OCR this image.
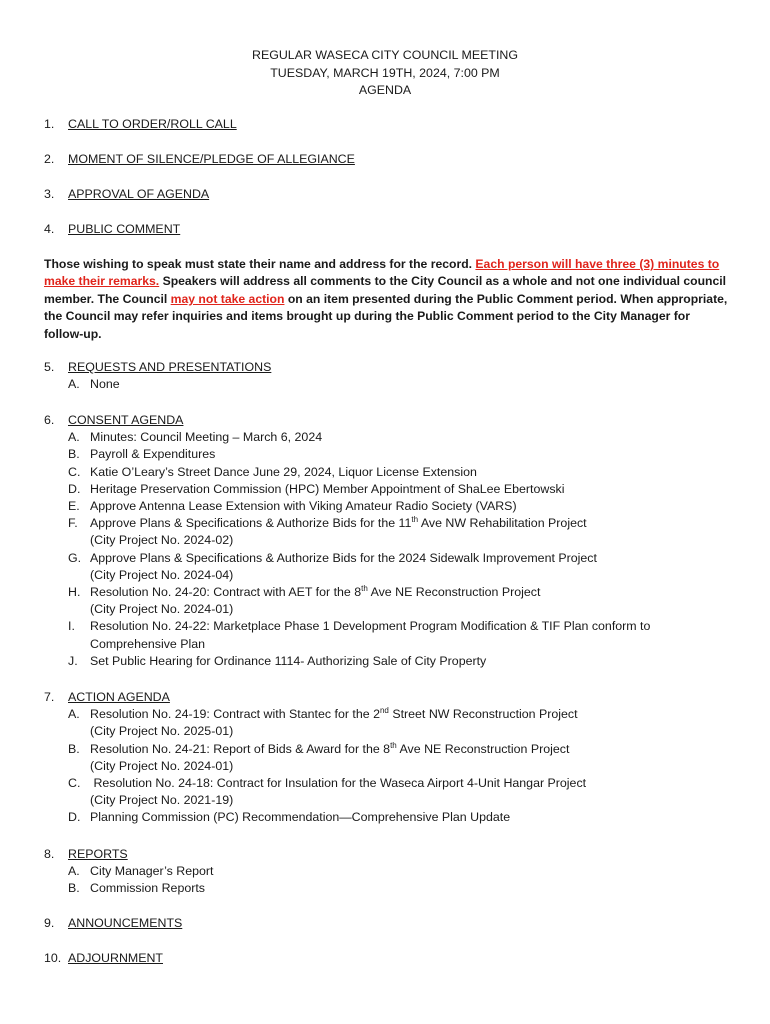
REGULAR WASECA CITY COUNCIL MEETING
TUESDAY, MARCH 19TH, 2024, 7:00 PM
AGENDA
1. CALL TO ORDER/ROLL CALL
2. MOMENT OF SILENCE/PLEDGE OF ALLEGIANCE
3. APPROVAL OF AGENDA
4. PUBLIC COMMENT
Those wishing to speak must state their name and address for the record. Each person will have three (3) minutes to make their remarks. Speakers will address all comments to the City Council as a whole and not one individual council member. The Council may not take action on an item presented during the Public Comment period. When appropriate, the Council may refer inquiries and items brought up during the Public Comment period to the City Manager for follow-up.
5. REQUESTS AND PRESENTATIONS
A. None
6. CONSENT AGENDA
A. Minutes: Council Meeting – March 6, 2024
B. Payroll & Expenditures
C. Katie O’Leary’s Street Dance June 29, 2024, Liquor License Extension
D. Heritage Preservation Commission (HPC) Member Appointment of ShaLee Ebertowski
E. Approve Antenna Lease Extension with Viking Amateur Radio Society (VARS)
F. Approve Plans & Specifications & Authorize Bids for the 11th Ave NW Rehabilitation Project
(City Project No. 2024-02)
G. Approve Plans & Specifications & Authorize Bids for the 2024 Sidewalk Improvement Project
(City Project No. 2024-04)
H. Resolution No. 24-20: Contract with AET for the 8th Ave NE Reconstruction Project
(City Project No. 2024-01)
I. Resolution No. 24-22: Marketplace Phase 1 Development Program Modification & TIF Plan conform to
Comprehensive Plan
J. Set Public Hearing for Ordinance 1114- Authorizing Sale of City Property
7. ACTION AGENDA
A. Resolution No. 24-19: Contract with Stantec for the 2nd Street NW Reconstruction Project
(City Project No. 2025-01)
B. Resolution No. 24-21: Report of Bids & Award for the 8th Ave NE Reconstruction Project
(City Project No. 2024-01)
C. Resolution No. 24-18: Contract for Insulation for the Waseca Airport 4-Unit Hangar Project
(City Project No. 2021-19)
D. Planning Commission (PC) Recommendation—Comprehensive Plan Update
8. REPORTS
A. City Manager’s Report
B. Commission Reports
9. ANNOUNCEMENTS
10. ADJOURNMENT
